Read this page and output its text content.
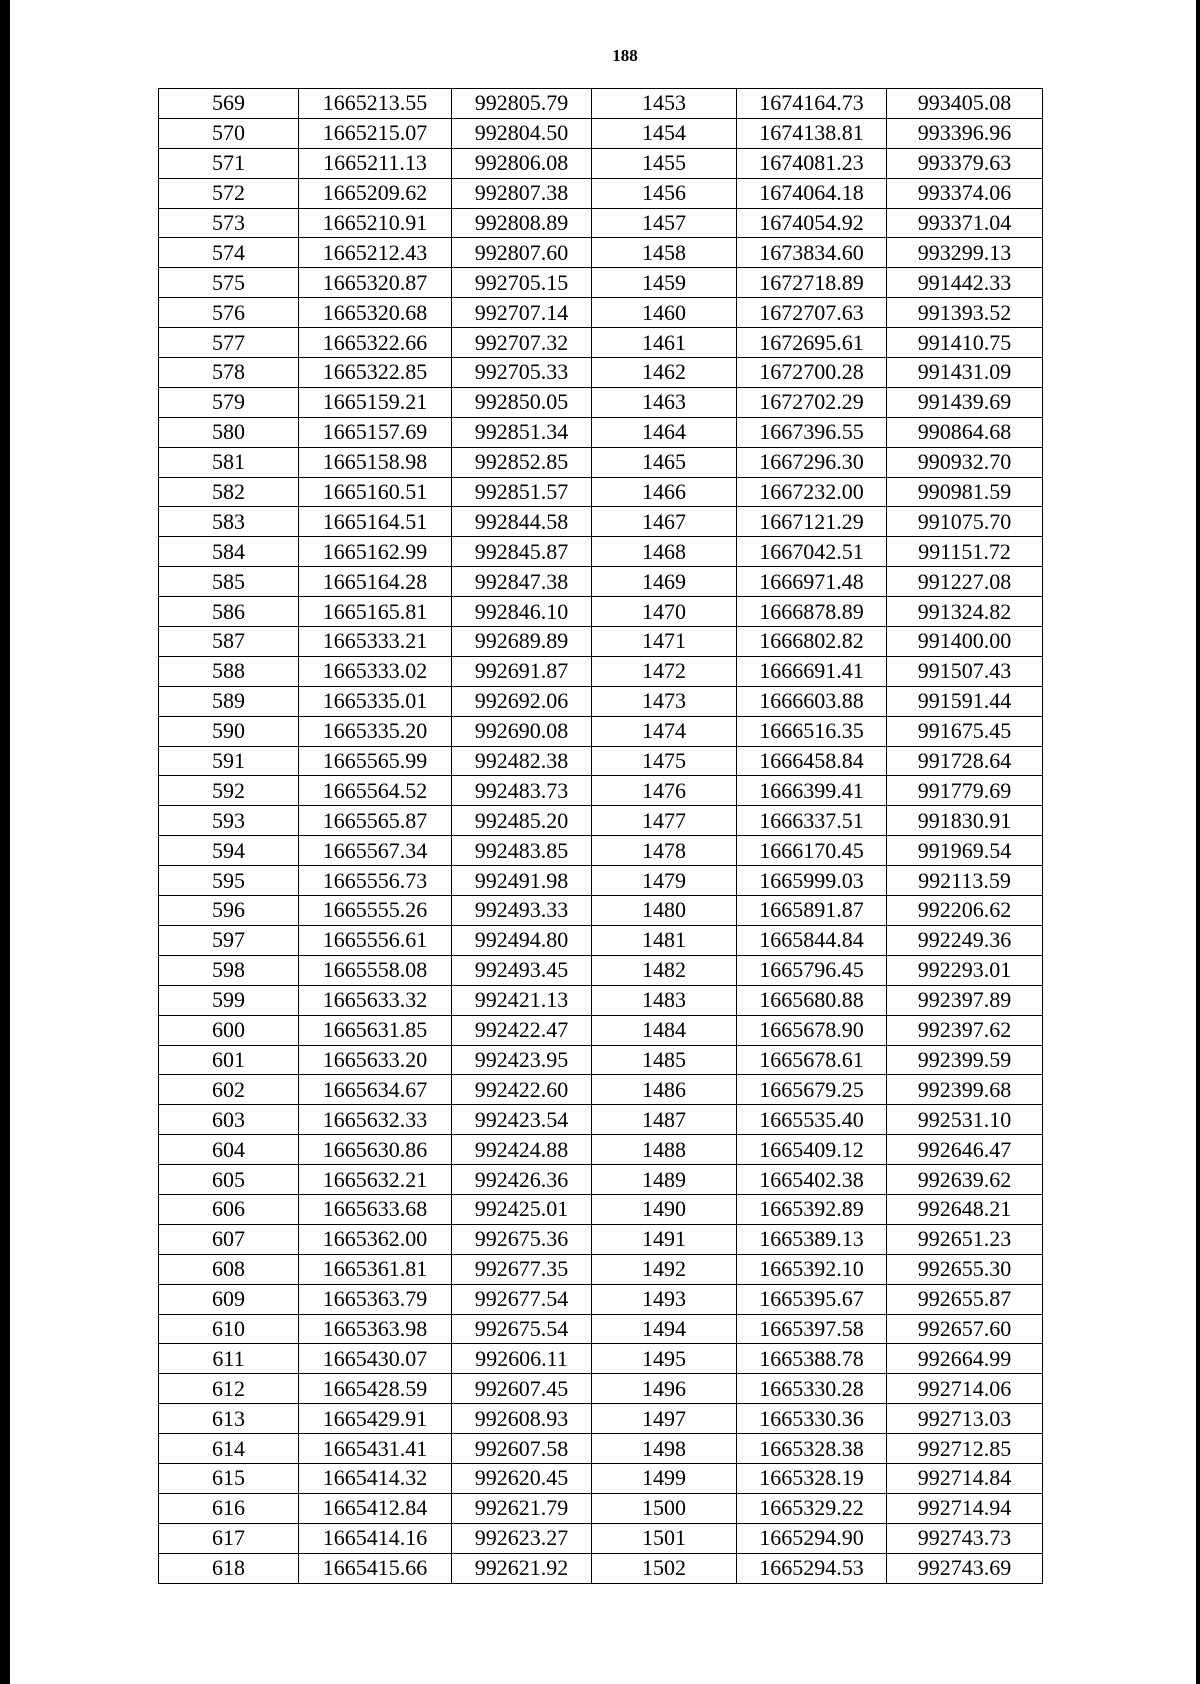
188
569	1665213.55	992805.79	1453	1674164.73	993405.08
570	1665215.07	992804.50	1454	1674138.81	993396.96
571	1665211.13	992806.08	1455	1674081.23	993379.63
572	1665209.62	992807.38	1456	1674064.18	993374.06
573	1665210.91	992808.89	1457	1674054.92	993371.04
574	1665212.43	992807.60	1458	1673834.60	993299.13
575	1665320.87	992705.15	1459	1672718.89	991442.33
576	1665320.68	992707.14	1460	1672707.63	991393.52
577	1665322.66	992707.32	1461	1672695.61	991410.75
578	1665322.85	992705.33	1462	1672700.28	991431.09
579	1665159.21	992850.05	1463	1672702.29	991439.69
580	1665157.69	992851.34	1464	1667396.55	990864.68
581	1665158.98	992852.85	1465	1667296.30	990932.70
582	1665160.51	992851.57	1466	1667232.00	990981.59
583	1665164.51	992844.58	1467	1667121.29	991075.70
584	1665162.99	992845.87	1468	1667042.51	991151.72
585	1665164.28	992847.38	1469	1666971.48	991227.08
586	1665165.81	992846.10	1470	1666878.89	991324.82
587	1665333.21	992689.89	1471	1666802.82	991400.00
588	1665333.02	992691.87	1472	1666691.41	991507.43
589	1665335.01	992692.06	1473	1666603.88	991591.44
590	1665335.20	992690.08	1474	1666516.35	991675.45
591	1665565.99	992482.38	1475	1666458.84	991728.64
592	1665564.52	992483.73	1476	1666399.41	991779.69
593	1665565.87	992485.20	1477	1666337.51	991830.91
594	1665567.34	992483.85	1478	1666170.45	991969.54
595	1665556.73	992491.98	1479	1665999.03	992113.59
596	1665555.26	992493.33	1480	1665891.87	992206.62
597	1665556.61	992494.80	1481	1665844.84	992249.36
598	1665558.08	992493.45	1482	1665796.45	992293.01
599	1665633.32	992421.13	1483	1665680.88	992397.89
600	1665631.85	992422.47	1484	1665678.90	992397.62
601	1665633.20	992423.95	1485	1665678.61	992399.59
602	1665634.67	992422.60	1486	1665679.25	992399.68
603	1665632.33	992423.54	1487	1665535.40	992531.10
604	1665630.86	992424.88	1488	1665409.12	992646.47
605	1665632.21	992426.36	1489	1665402.38	992639.62
606	1665633.68	992425.01	1490	1665392.89	992648.21
607	1665362.00	992675.36	1491	1665389.13	992651.23
608	1665361.81	992677.35	1492	1665392.10	992655.30
609	1665363.79	992677.54	1493	1665395.67	992655.87
610	1665363.98	992675.54	1494	1665397.58	992657.60
611	1665430.07	992606.11	1495	1665388.78	992664.99
612	1665428.59	992607.45	1496	1665330.28	992714.06
613	1665429.91	992608.93	1497	1665330.36	992713.03
614	1665431.41	992607.58	1498	1665328.38	992712.85
615	1665414.32	992620.45	1499	1665328.19	992714.84
616	1665412.84	992621.79	1500	1665329.22	992714.94
617	1665414.16	992623.27	1501	1665294.90	992743.73
618	1665415.66	992621.92	1502	1665294.53	992743.69
